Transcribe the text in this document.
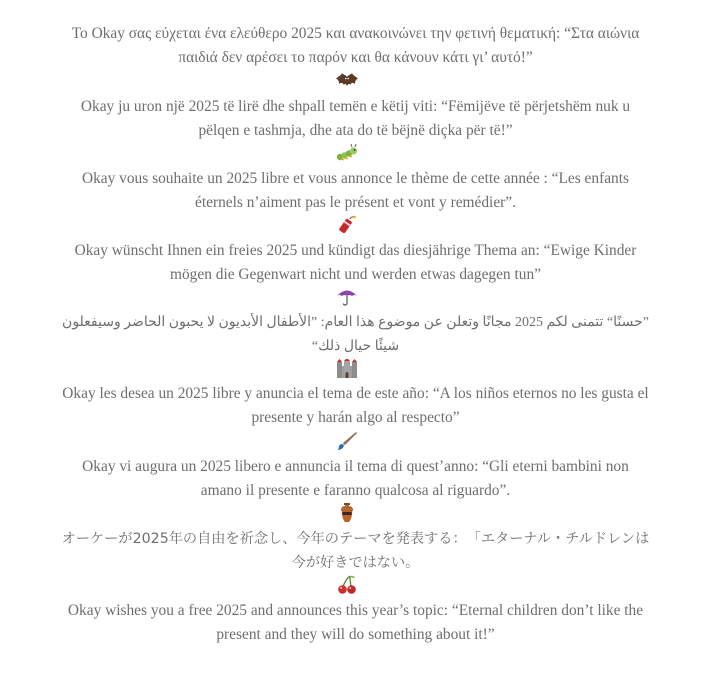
Το Okay σας εύχεται ένα ελεύθερο 2025 και ανακοινώνει την φετινή θεματική: “Στα αιώνια παιδιά δεν αρέσει το παρόν και θα κάνουν κάτι γι’ αυτό!”
Okay ju uron një 2025 të lirë dhe shpall temën e këtij viti: “Fëmijëve të përjetshëm nuk u pëlqen e tashmja, dhe ata do të bëjnë diçka për të!”
Okay vous souhaite un 2025 libre et vous annonce le thème de cette année : “Les enfants éternels n’aiment pas le présent et vont y remédier”.
Okay wünscht Ihnen ein freies 2025 und kündigt das diesjährige Thema an: “Ewige Kinder mögen die Gegenwart nicht und werden etwas dagegen tun”
”حسنًا“ تتمنى لكم 2025 مجانًا وتعلن عن موضوع هذا العام: ”الأطفال الأبديون لا يحبون الحاضر وسيفعلون شيئًا حيال ذلك“
Okay les desea un 2025 libre y anuncia el tema de este año: “A los niños eternos no les gusta el presente y harán algo al respecto”
Okay vi augura un 2025 libero e annuncia il tema di quest’anno: “Gli eterni bambini non amano il presente e faranno qualcosa al riguardo”.
オーケーが2025年の自由を祈念し、今年のテーマを発表する：　「エターナル・チルドレンは今が好きではない。
Okay wishes you a free 2025 and announces this year’s topic: “Eternal children don’t like the present and they will do something about it!”
